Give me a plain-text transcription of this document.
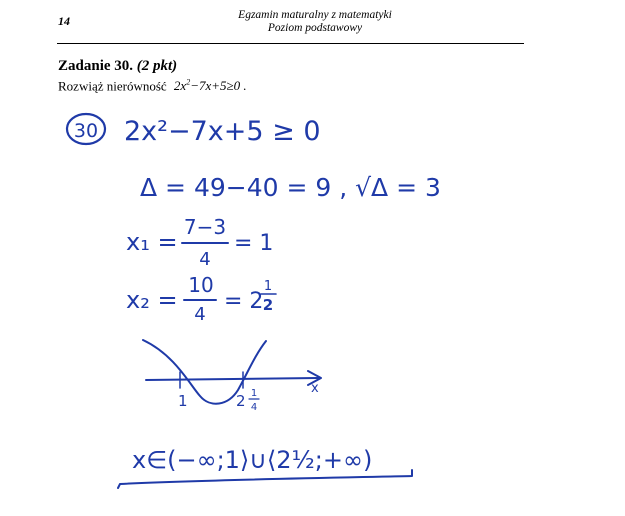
14	Egzamin maturalny z matematyki
Poziom podstawowy
Zadanie 30. (2 pkt)
Rozwiąż nierówność $2x^2-7x+5\ge 0$ .
30 2x²−7x+5 ≥ 0
Δ = 49−40 = 9 , √Δ = 3
x₁ =
7−3
4
= 1
x₂ =
10
4
= 2
1
2
x
1	2 1
4
x∈(−∞;1⟩∪⟨2½;+∞)
